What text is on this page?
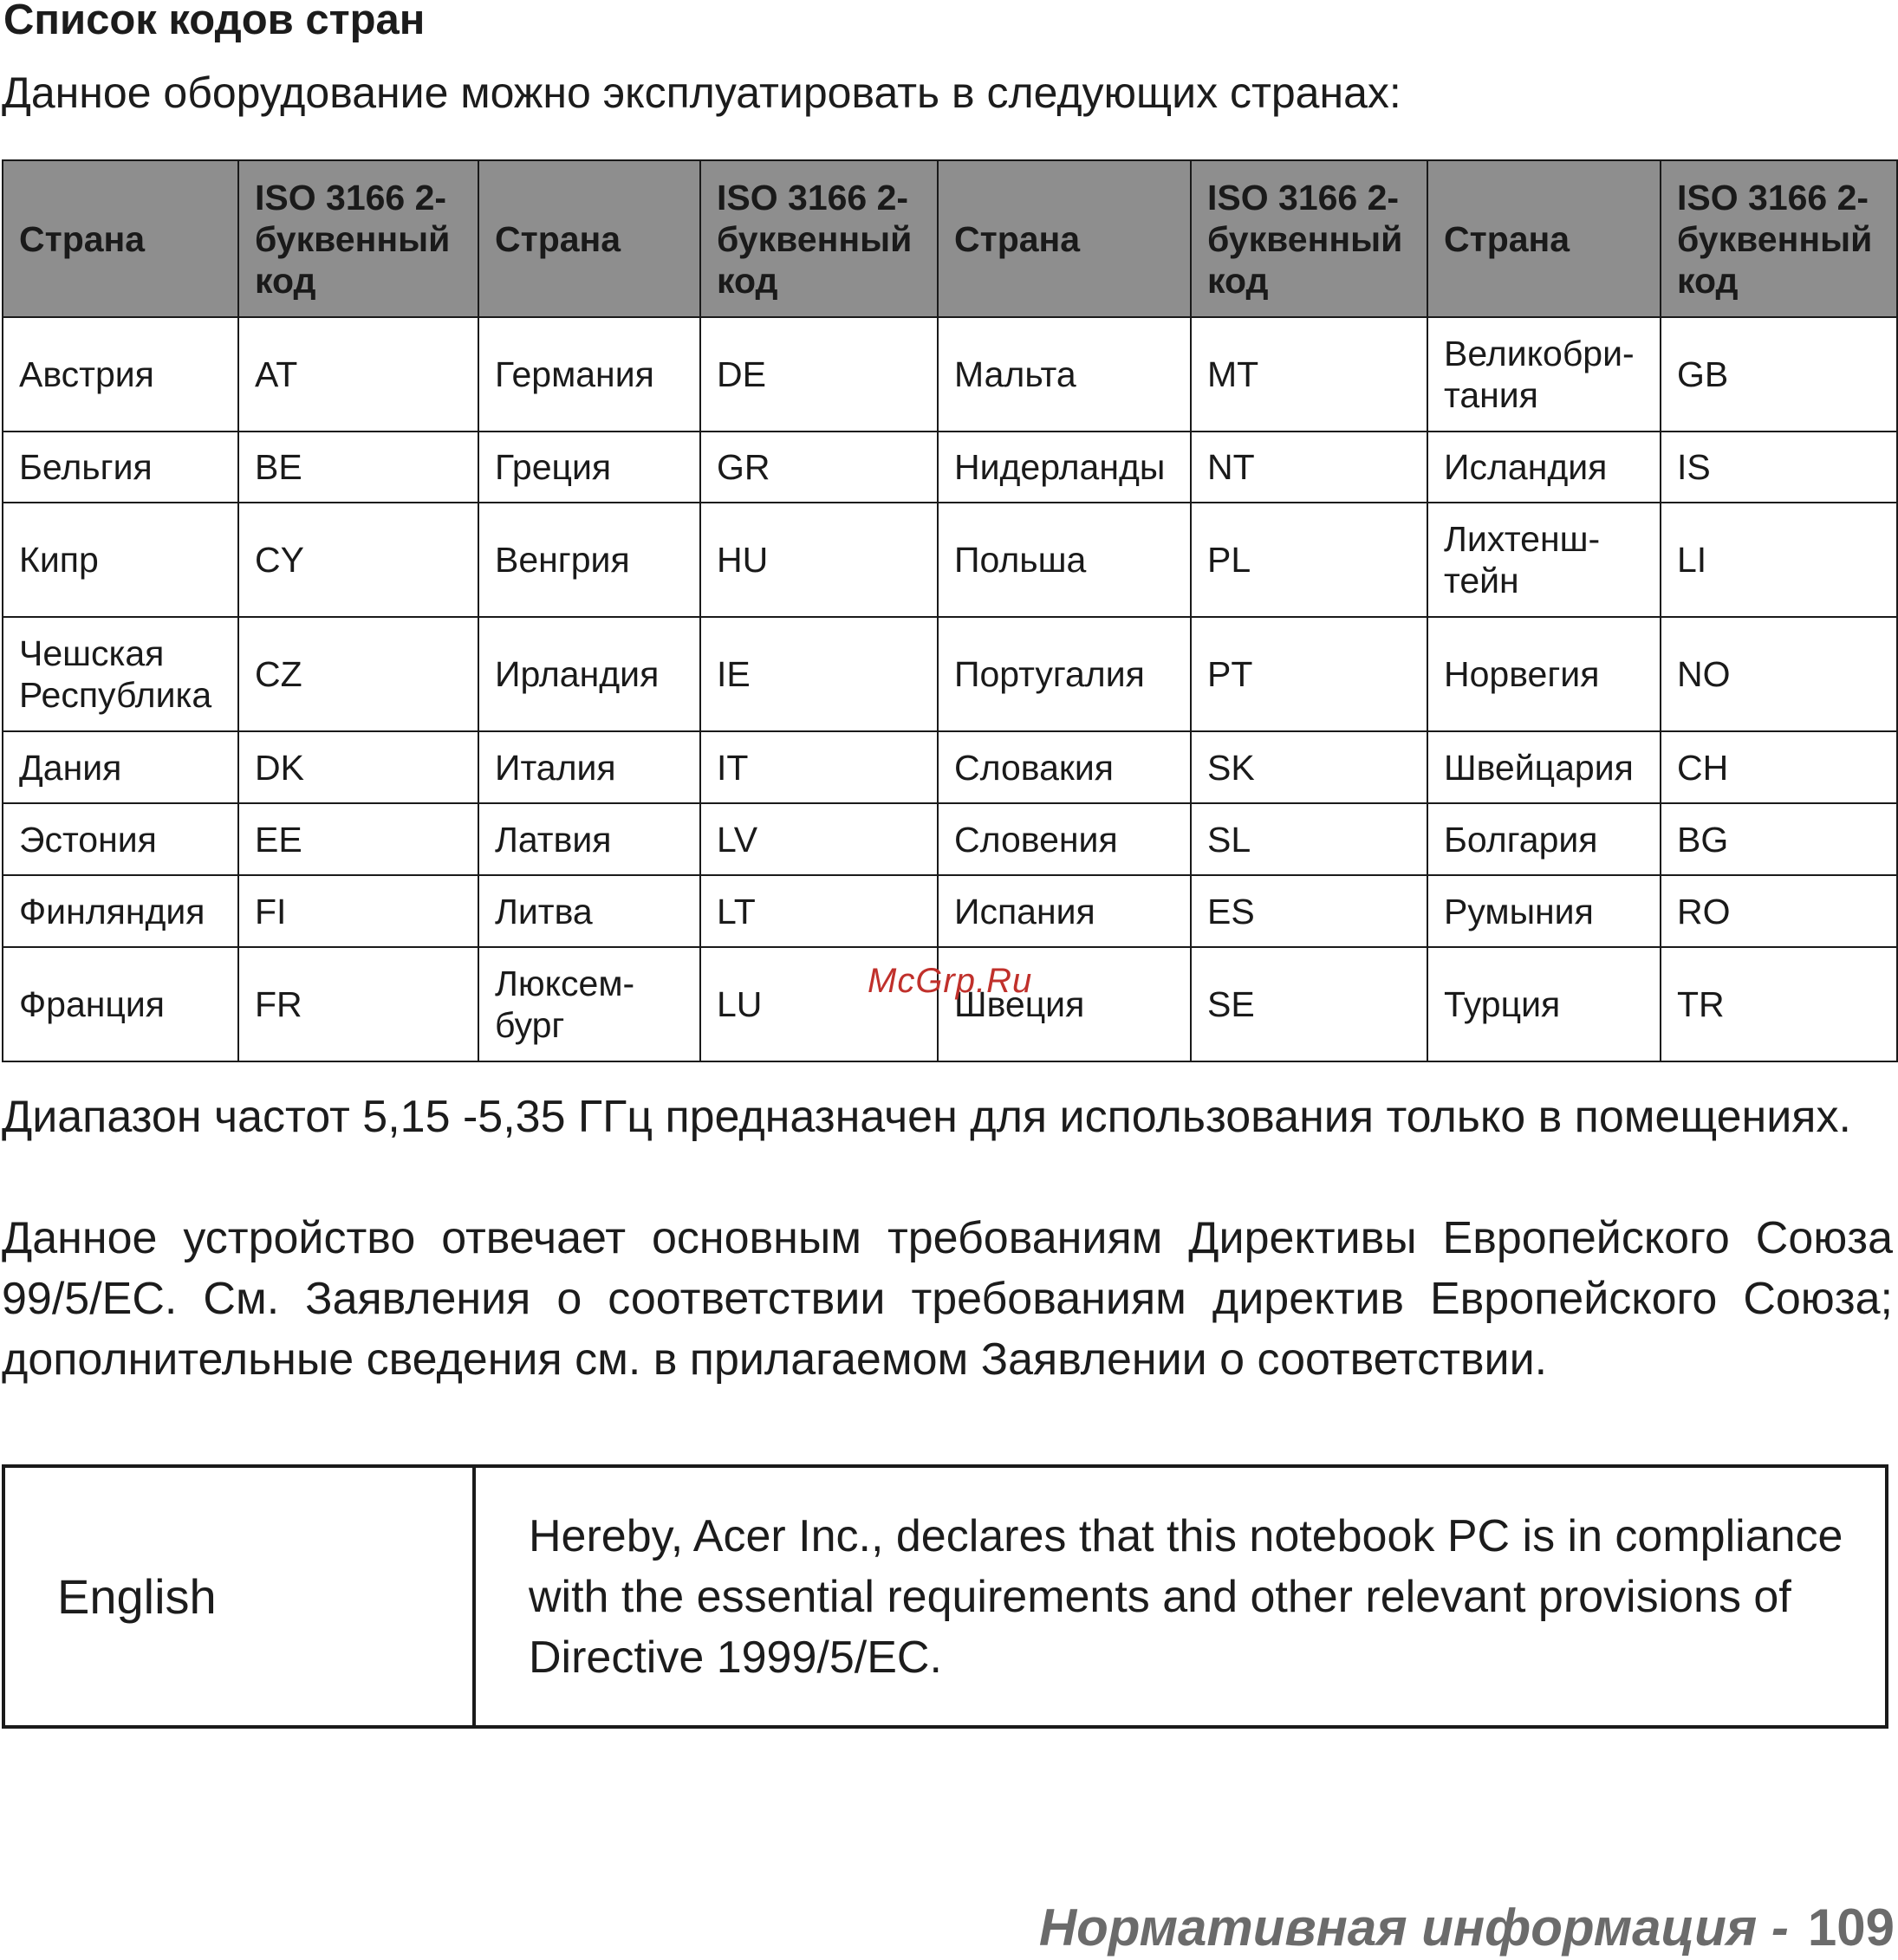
Список кодов стран

Данное оборудование можно эксплуатировать в следующих странах:

Страна	ISO 3166 2-буквенный код	Страна	ISO 3166 2-буквенный код	Страна	ISO 3166 2-буквенный код	Страна	ISO 3166 2-буквенный код
Австрия	AT	Германия	DE	Мальта	MT	Великобри-тания	GB
Бельгия	BE	Греция	GR	Нидерланды	NT	Исландия	IS
Кипр	CY	Венгрия	HU	Польша	PL	Лихтенш-тейн	LI
Чешская Республика	CZ	Ирландия	IE	Португалия	PT	Норвегия	NO
Дания	DK	Италия	IT	Словакия	SK	Швейцария	CH
Эстония	EE	Латвия	LV	Словения	SL	Болгария	BG
Финляндия	FI	Литва	LT	Испания	ES	Румыния	RO
Франция	FR	Люксем-бург	LU	Швеция	SE	Турция	TR
McGrp.Ru

Диапазон частот 5,15 -5,35 ГГц предназначен для использования только в помещениях.

Данное устройство отвечает основным требованиям Директивы Европейского Союза 99/5/ЕС. См. Заявления о соответствии требованиям директив Европейского Союза; дополнительные сведения см. в прилагаемом Заявлении о соответствии.

English
Hereby, Acer Inc., declares that this notebook PC is in compliance with the essential requirements and other relevant provisions of Directive 1999/5/EC.
Нормативная информация - 109
